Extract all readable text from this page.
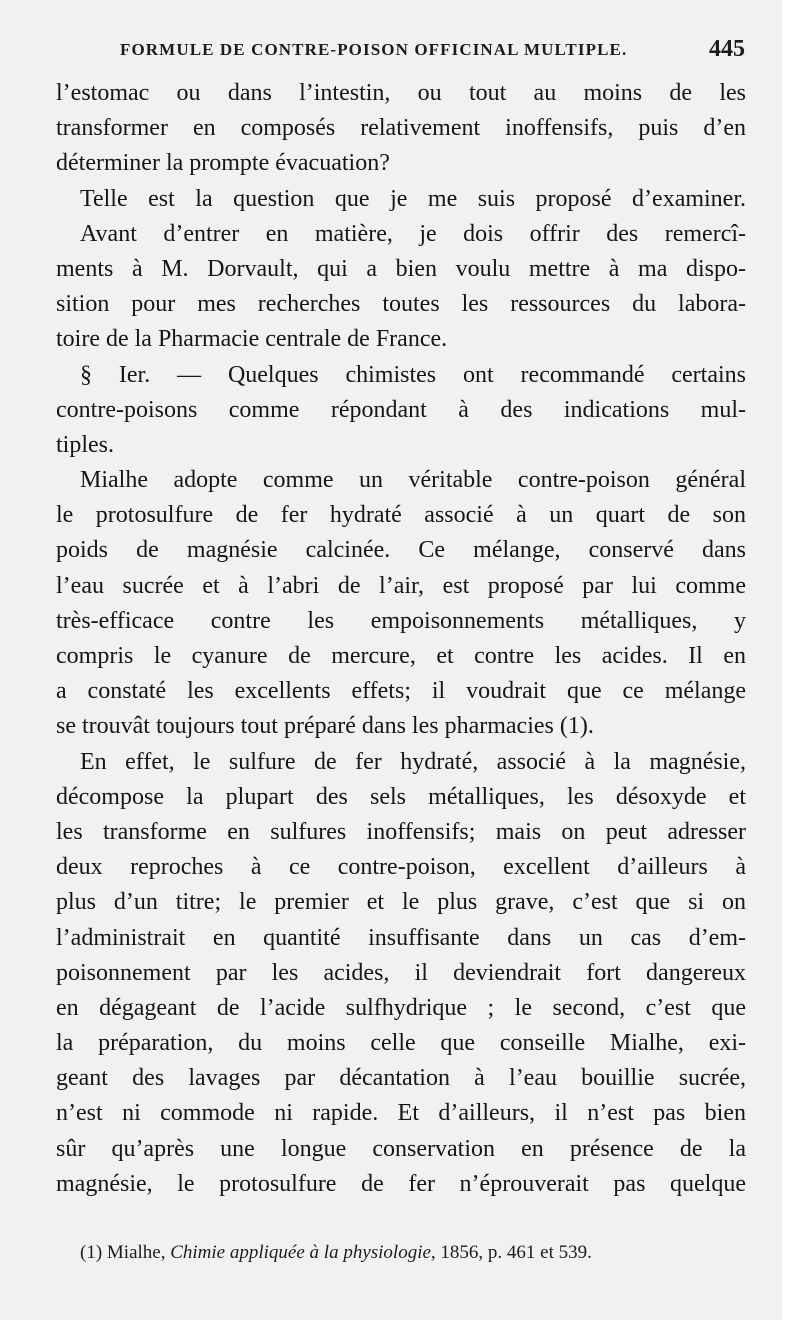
FORMULE DE CONTRE-POISON OFFICINAL MULTIPLE.	445
l’estomac ou dans l’intestin, ou tout au moins de les
transformer en composés relativement inoffensifs, puis d’en
déterminer la prompte évacuation?
Telle est la question que je me suis proposé d’examiner.
Avant d’entrer en matière, je dois offrir des remercî-
ments à M. Dorvault, qui a bien voulu mettre à ma dispo-
sition pour mes recherches toutes les ressources du labora-
toire de la Pharmacie centrale de France.
§ Ier. — Quelques chimistes ont recommandé certains
contre-poisons comme répondant à des indications mul-
tiples.
Mialhe adopte comme un véritable contre-poison général
le protosulfure de fer hydraté associé à un quart de son
poids de magnésie calcinée. Ce mélange, conservé dans
l’eau sucrée et à l’abri de l’air, est proposé par lui comme
très-efficace contre les empoisonnements métalliques, y
compris le cyanure de mercure, et contre les acides. Il en
a constaté les excellents effets; il voudrait que ce mélange
se trouvât toujours tout préparé dans les pharmacies (1).
En effet, le sulfure de fer hydraté, associé à la magnésie,
décompose la plupart des sels métalliques, les désoxyde et
les transforme en sulfures inoffensifs; mais on peut adresser
deux reproches à ce contre-poison, excellent d’ailleurs à
plus d’un titre; le premier et le plus grave, c’est que si on
l’administrait en quantité insuffisante dans un cas d’em-
poisonnement par les acides, il deviendrait fort dangereux
en dégageant de l’acide sulfhydrique ; le second, c’est que
la préparation, du moins celle que conseille Mialhe, exi-
geant des lavages par décantation à l’eau bouillie sucrée,
n’est ni commode ni rapide. Et d’ailleurs, il n’est pas bien
sûr qu’après une longue conservation en présence de la
magnésie, le protosulfure de fer n’éprouverait pas quelque
(1) Mialhe, Chimie appliquée à la physiologie, 1856, p. 461 et 539.
